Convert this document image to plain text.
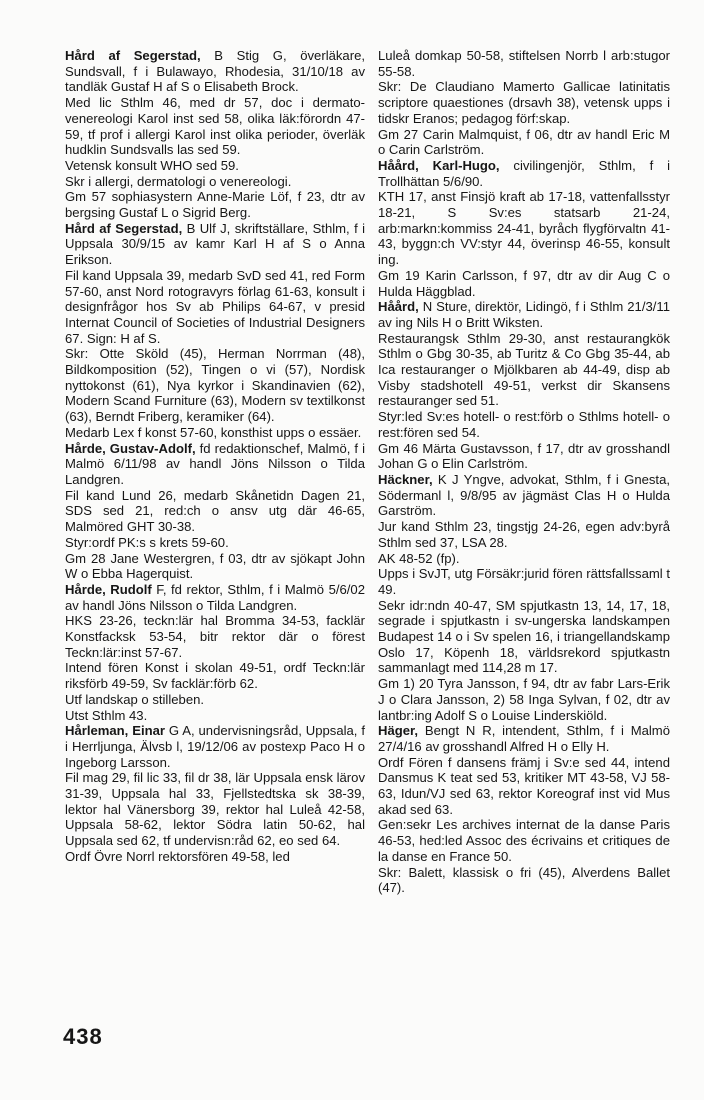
Hård af Segerstad, B Stig G, överläkare, Sundsvall, f i Bulawayo, Rhodesia, 31/10/18 av tandläk Gustaf H af S o Elisabeth Brock.

Med lic Sthlm 46, med dr 57, doc i dermato-venereologi Karol inst sed 58, olika läk:förordn 47-59, tf prof i allergi Karol inst olika perioder, överläk hudklin Sundsvalls las sed 59.

Vetensk konsult WHO sed 59.

Skr i allergi, dermatologi o venereologi.

Gm 57 sophiasystern Anne-Marie Löf, f 23, dtr av bergsing Gustaf L o Sigrid Berg.

Hård af Segerstad, B Ulf J, skriftställare, Sthlm, f i Uppsala 30/9/15 av kamr Karl H af S o Anna Erikson.

Fil kand Uppsala 39, medarb SvD sed 41, red Form 57-60, anst Nord rotogravyrs förlag 61-63, konsult i designfrågor hos Sv ab Philips 64-67, v presid Internat Council of Societies of Industrial Designers 67. Sign: H af S.

Skr: Otte Sköld (45), Herman Norrman (48), Bildkomposition (52), Tingen o vi (57), Nordisk nyttokonst (61), Nya kyrkor i Skandinavien (62), Modern Scand Furniture (63), Modern sv textilkonst (63), Berndt Friberg, keramiker (64).

Medarb Lex f konst 57-60, konsthist upps o essäer.

Hårde, Gustav-Adolf, fd redaktionschef, Malmö, f i Malmö 6/11/98 av handl Jöns Nilsson o Tilda Landgren.

Fil kand Lund 26, medarb Skånetidn Dagen 21, SDS sed 21, red:ch o ansv utg där 46-65, Malmöred GHT 30-38.

Styr:ordf PK:s s krets 59-60.

Gm 28 Jane Westergren, f 03, dtr av sjökapt John W o Ebba Hagerquist.

Hårde, Rudolf F, fd rektor, Sthlm, f i Malmö 5/6/02 av handl Jöns Nilsson o Tilda Landgren.

HKS 23-26, teckn:lär hal Bromma 34-53, facklär Konstfacksk 53-54, bitr rektor där o förest Teckn:lär:inst 57-67.

Intend fören Konst i skolan 49-51, ordf Teckn:lär riksförb 49-59, Sv facklär:förb 62.

Utf landskap o stilleben.

Utst Sthlm 43.

Hårleman, Einar G A, undervisningsråd, Uppsala, f i Herrljunga, Älvsb l, 19/12/06 av postexp Paco H o Ingeborg Larsson.

Fil mag 29, fil lic 33, fil dr 38, lär Uppsala ensk lärov 31-39, Uppsala hal 33, Fjellstedtska sk 38-39, lektor hal Vänersborg 39, rektor hal Luleå 42-58, Uppsala 58-62, lektor Södra latin 50-62, hal Uppsala sed 62, tf undervisn:råd 62, eo sed 64.

Ordf Övre Norrl rektorsfören 49-58, led

Luleå domkap 50-58, stiftelsen Norrb l arb:stugor 55-58.

Skr: De Claudiano Mamerto Gallicae latinitatis scriptore quaestiones (drsavh 38), vetensk upps i tidskr Eranos; pedagog förf:skap.

Gm 27 Carin Malmquist, f 06, dtr av handl Eric M o Carin Carlström.

Håård, Karl-Hugo, civilingenjör, Sthlm, f i Trollhättan 5/6/90.

KTH 17, anst Finsjö kraft ab 17-18, vattenfallsstyr 18-21, S Sv:es statsarb 21-24, arb:markn:kommiss 24-41, byråch flygförvaltn 41-43, byggn:ch VV:styr 44, överinsp 46-55, konsult ing.

Gm 19 Karin Carlsson, f 97, dtr av dir Aug C o Hulda Häggblad.

Håård, N Sture, direktör, Lidingö, f i Sthlm 21/3/11 av ing Nils H o Britt Wiksten.

Restaurangsk Sthlm 29-30, anst restaurangkök Sthlm o Gbg 30-35, ab Turitz & Co Gbg 35-44, ab Ica restauranger o Mjölkbaren ab 44-49, disp ab Visby stadshotell 49-51, verkst dir Skansens restauranger sed 51.

Styr:led Sv:es hotell- o rest:förb o Sthlms hotell- o rest:fören sed 54.

Gm 46 Märta Gustavsson, f 17, dtr av grosshandl Johan G o Elin Carlström.

Häckner, K J Yngve, advokat, Sthlm, f i Gnesta, Södermanl l, 9/8/95 av jägmäst Clas H o Hulda Garström.

Jur kand Sthlm 23, tingstjg 24-26, egen adv:byrå Sthlm sed 37, LSA 28.

AK 48-52 (fp).

Upps i SvJT, utg Försäkr:jurid fören rättsfallssaml t 49.

Sekr idr:ndn 40-47, SM spjutkastn 13, 14, 17, 18, segrade i spjutkastn i sv-ungerska landskampen Budapest 14 o i Sv spelen 16, i triangellandskamp Oslo 17, Köpenh 18, världsrekord spjutkastn sammanlagt med 114,28 m 17.

Gm 1) 20 Tyra Jansson, f 94, dtr av fabr Lars-Erik J o Clara Jansson, 2) 58 Inga Sylvan, f 02, dtr av lantbr:ing Adolf S o Louise Linderskiöld.

Häger, Bengt N R, intendent, Sthlm, f i Malmö 27/4/16 av grosshandl Alfred H o Elly H.

Ordf Fören f dansens främj i Sv:e sed 44, intend Dansmus K teat sed 53, kritiker MT 43-58, VJ 58-63, Idun/VJ sed 63, rektor Koreograf inst vid Mus akad sed 63.

Gen:sekr Les archives internat de la danse Paris 46-53, hed:led Assoc des écrivains et critiques de la danse en France 50.

Skr: Balett, klassisk o fri (45), Alverdens Ballet (47).

438
